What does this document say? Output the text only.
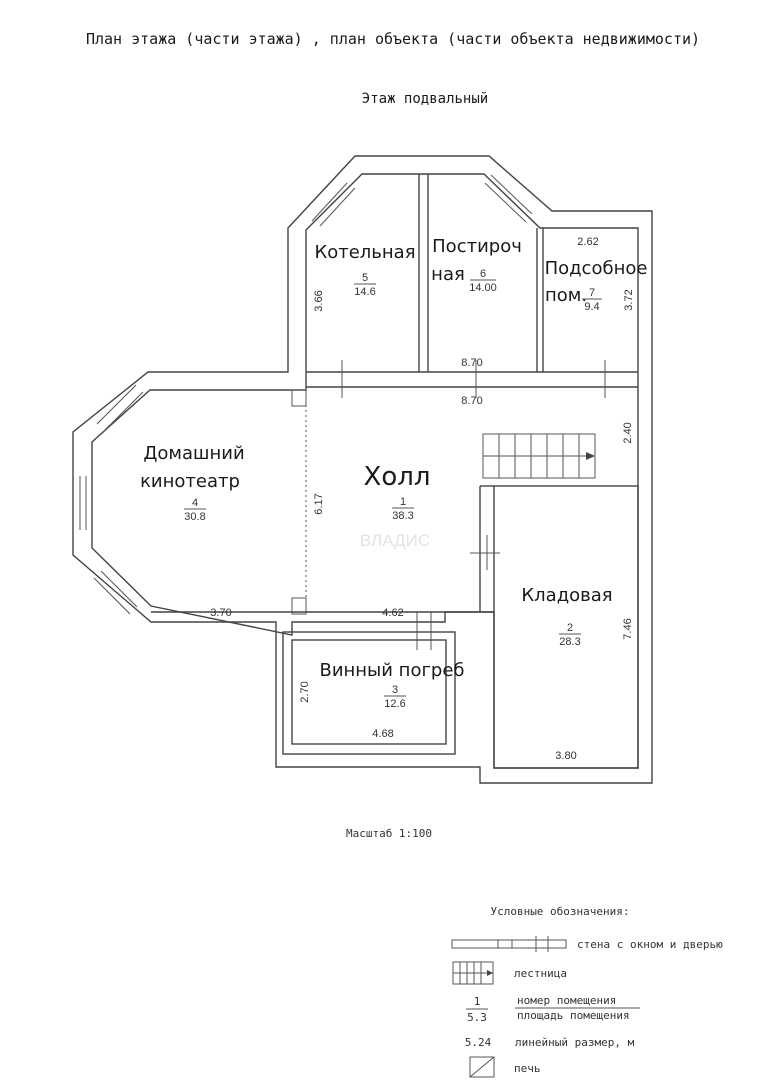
План этажа (части этажа) , план объекта (части объекта недвижимости)
Этаж подвальный
ВЛАДИС
Холл
1
38.3
Кладовая
2
28.3
Винный погреб
3
12.6
Домашний
кинотеатр
4
30.8
Котельная
5
14.6
Постироч
ная 6
14.00
Подсобное
пом. 7
9.4
2.62
3.66	3.72
8.70
8.70
2.40
6.17
3.70	4.62
7.46
2.70
4.68
3.80
Масштаб 1:100
Условные обозначения:
стена с окном и дверью
лестница
1
5.3
номер помещения
площадь помещения
5.24 линейный размер, м
печь
